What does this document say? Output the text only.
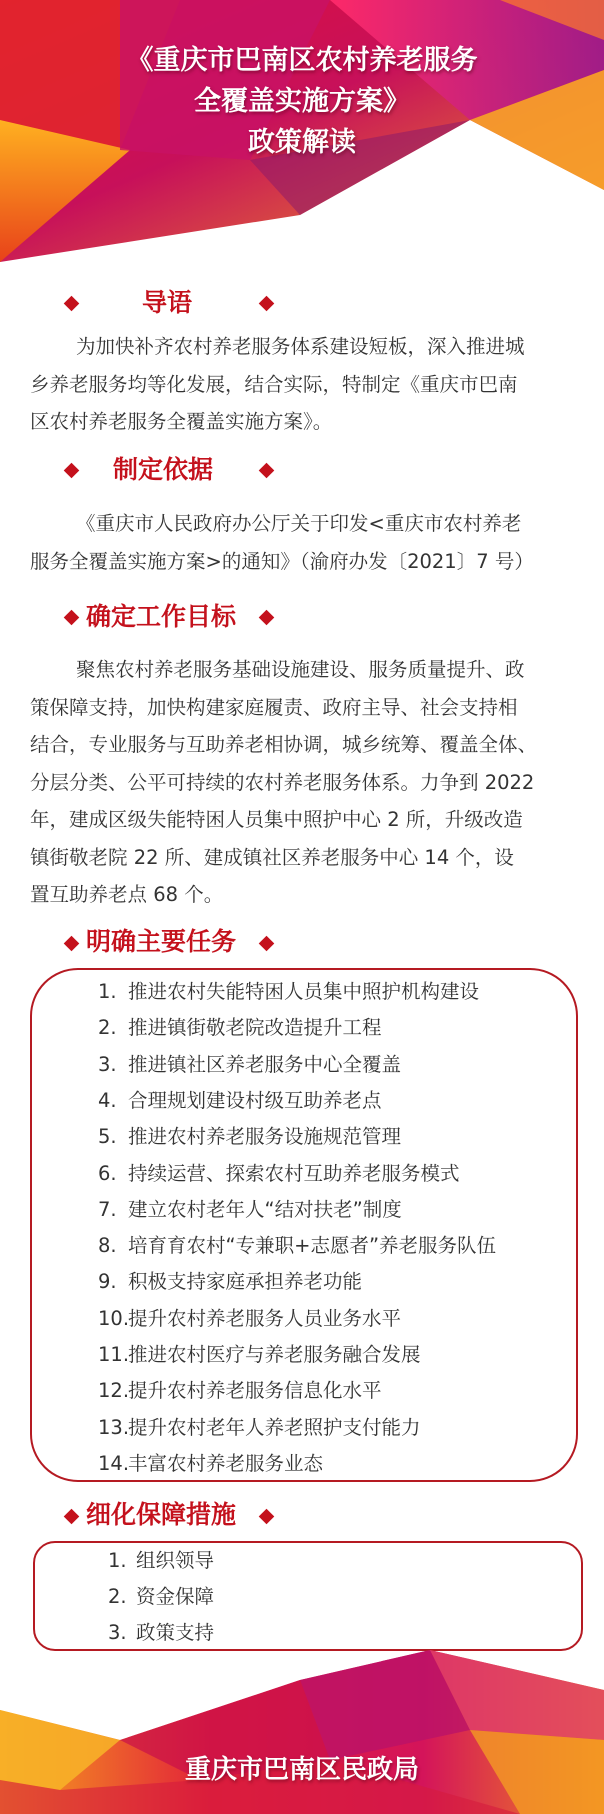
《重庆市巴南区农村养老服务
全覆盖实施方案》
政策解读
导语
为加快补齐农村养老服务体系建设短板，深入推进城
乡养老服务均等化发展，结合实际，特制定《重庆市巴南
区农村养老服务全覆盖实施方案》。
制定依据
《重庆市人民政府办公厅关于印发<重庆市农村养老
服务全覆盖实施方案>的通知》（渝府办发〔2021〕7 号）
确定工作目标
聚焦农村养老服务基础设施建设、服务质量提升、政
策保障支持，加快构建家庭履责、政府主导、社会支持相
结合，专业服务与互助养老相协调，城乡统筹、覆盖全体、
分层分类、公平可持续的农村养老服务体系。力争到 2022
年，建成区级失能特困人员集中照护中心 2 所，升级改造
镇街敬老院 22 所、建成镇社区养老服务中心 14 个，设
置互助养老点 68 个。
明确主要任务
1. 推进农村失能特困人员集中照护机构建设
2. 推进镇街敬老院改造提升工程
3. 推进镇社区养老服务中心全覆盖
4. 合理规划建设村级互助养老点
5. 推进农村养老服务设施规范管理
6. 持续运营、探索农村互助养老服务模式
7. 建立农村老年人“结对扶老”制度
8. 培育育农村“专兼职+志愿者”养老服务队伍
9. 积极支持家庭承担养老功能
10.提升农村养老服务人员业务水平
11.推进农村医疗与养老服务融合发展
12.提升农村养老服务信息化水平
13.提升农村老年人养老照护支付能力
14.丰富农村养老服务业态
细化保障措施
1. 组织领导
2. 资金保障
3. 政策支持
重庆市巴南区民政局
